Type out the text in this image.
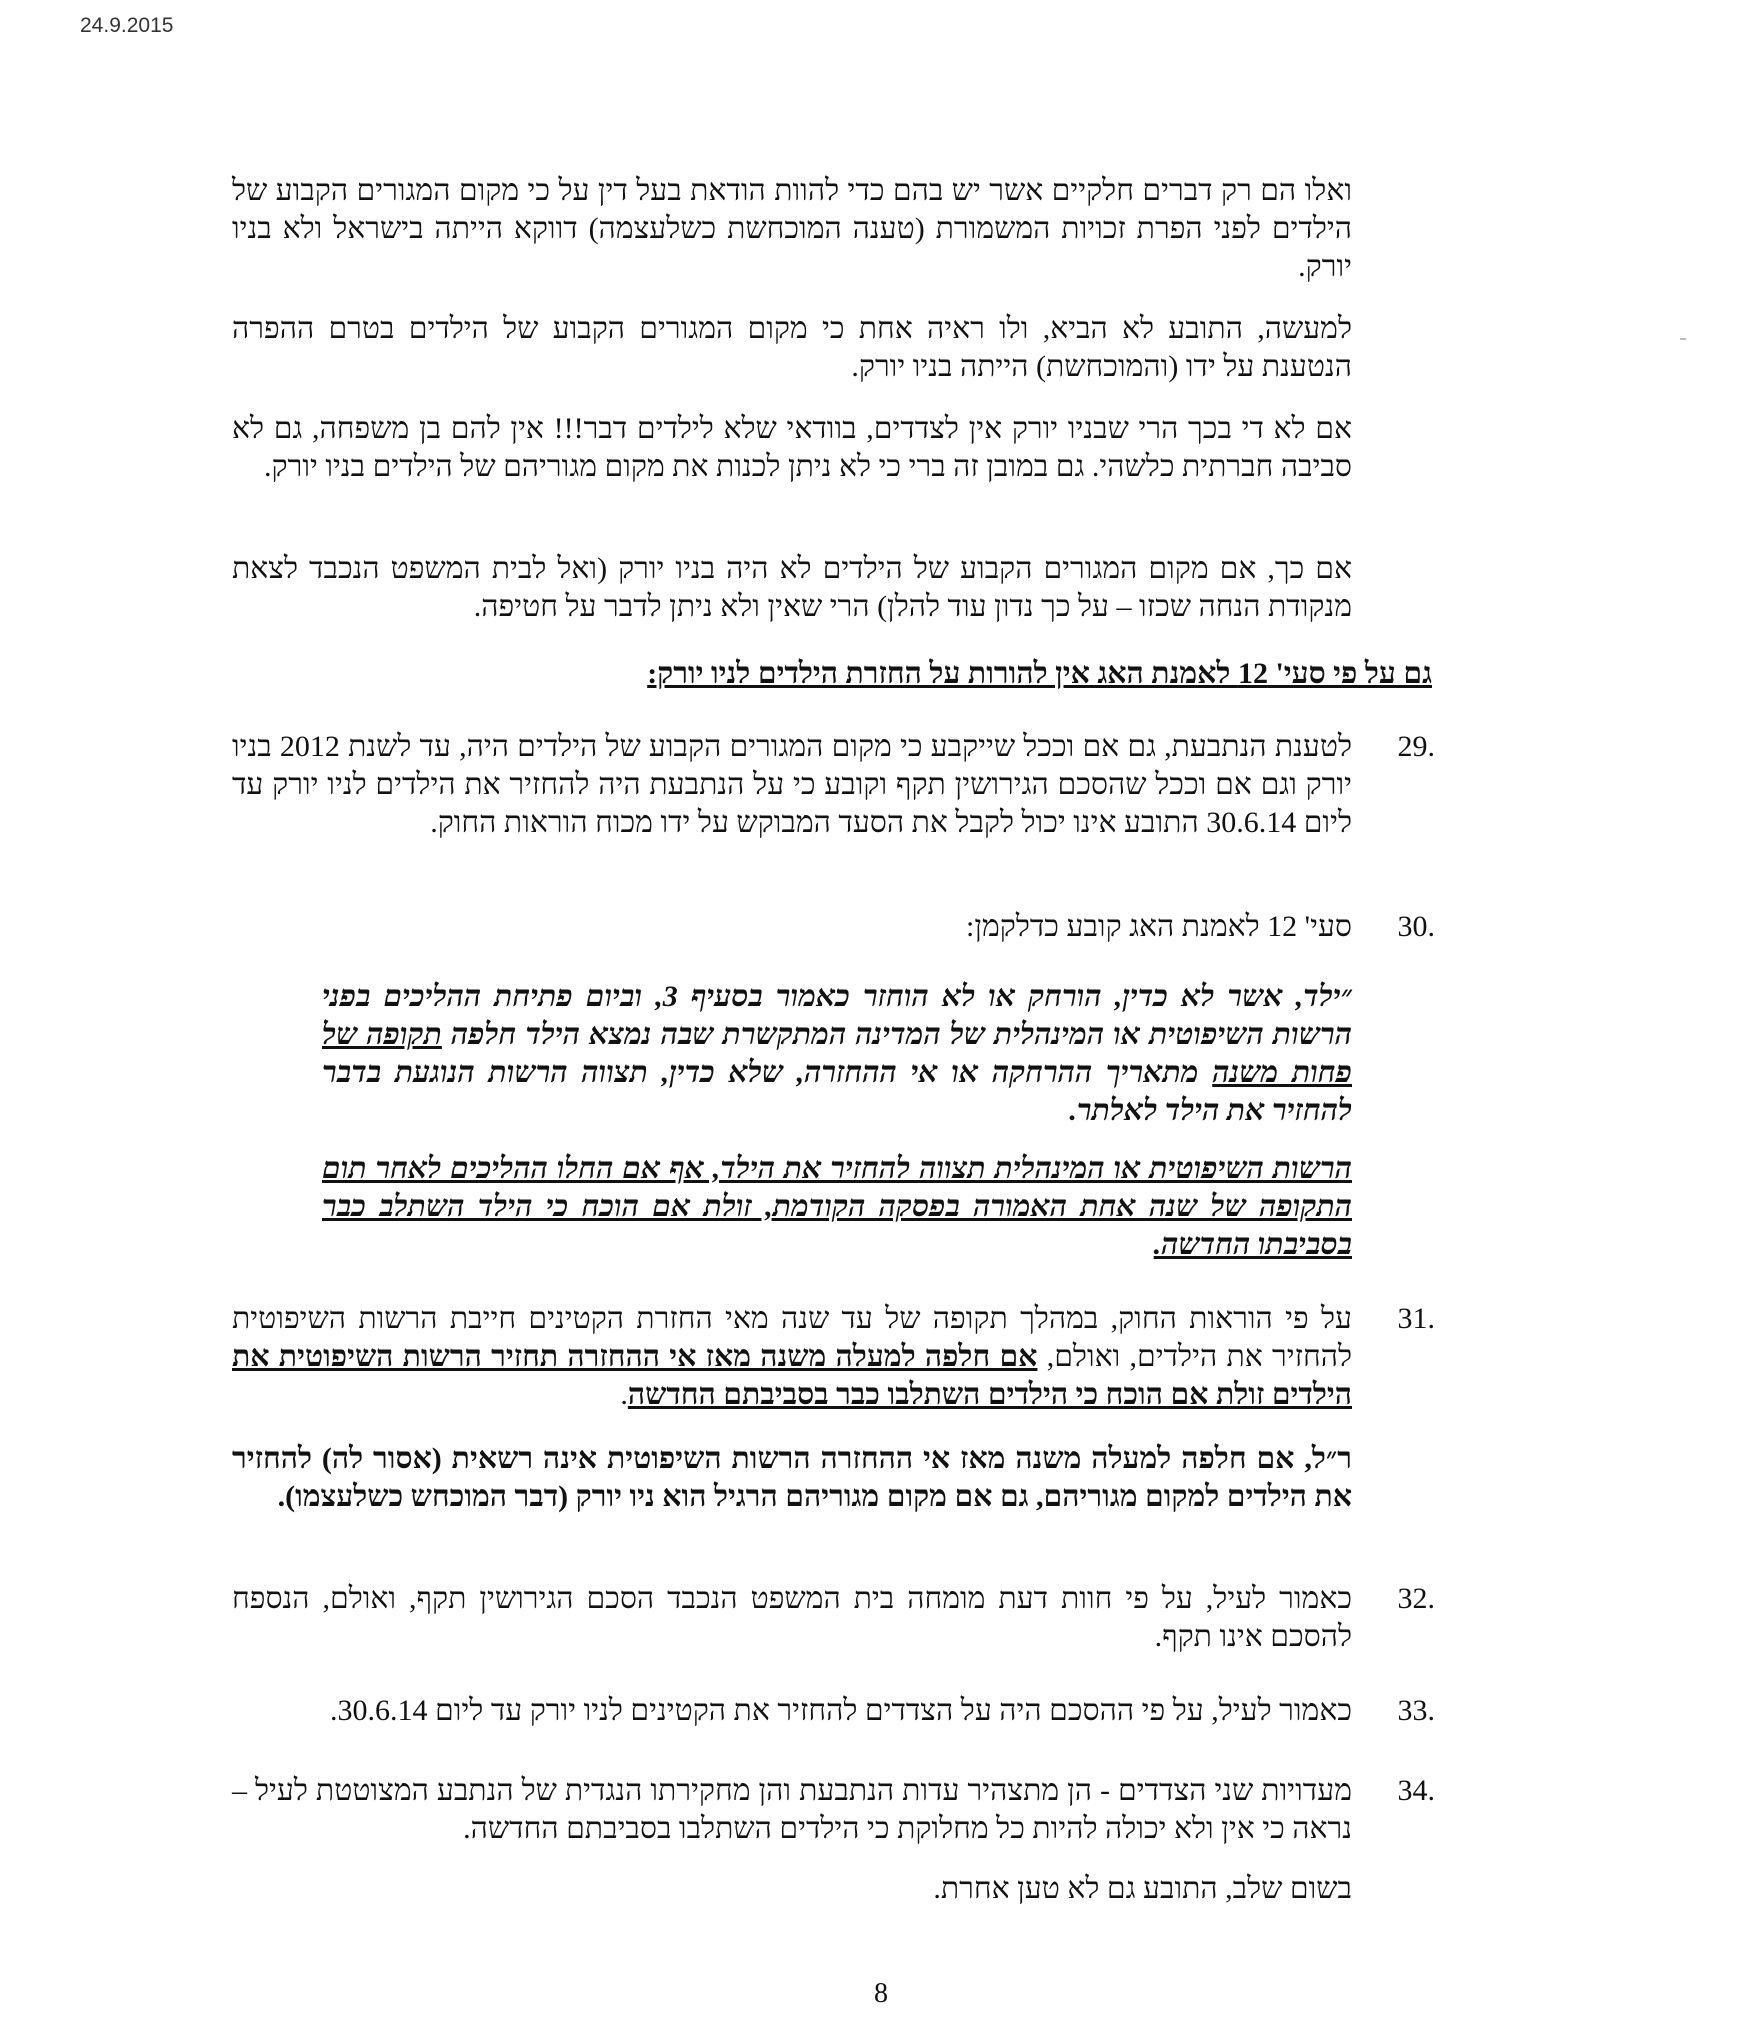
24.9.2015

ואלו הם רק דברים חלקיים אשר יש בהם כדי להוות הודאת בעל דין על כי מקום המגורים הקבוע של הילדים לפני הפרת זכויות המשמורת (טענה המוכחשת כשלעצמה) דווקא הייתה בישראל ולא בניו יורק.

למעשה, התובע לא הביא, ולו ראיה אחת כי מקום המגורים הקבוע של הילדים בטרם ההפרה הנטענת על ידו (והמוכחשת) הייתה בניו יורק.

אם לא די בכך הרי שבניו יורק אין לצדדים, בוודאי שלא לילדים דבר!!! אין להם בן משפחה, גם לא סביבה חברתית כלשהי. גם במובן זה ברי כי לא ניתן לכנות את מקום מגוריהם של הילדים בניו יורק.

אם כך, אם מקום המגורים הקבוע של הילדים לא היה בניו יורק (ואל לבית המשפט הנכבד לצאת מנקודת הנחה שכזו – על כך נדון עוד להלן) הרי שאין ולא ניתן לדבר על חטיפה.

גם על פי סעי' 12 לאמנת האג אין להורות על החזרת הילדים לניו יורק:
.29

לטענת הנתבעת, גם אם וככל שייקבע כי מקום המגורים הקבוע של הילדים היה, עד לשנת 2012 בניו יורק וגם אם וככל שהסכם הגירושין תקף וקובע כי על הנתבעת היה להחזיר את הילדים לניו יורק עד ליום 30.6.14 התובע אינו יכול לקבל את הסעד המבוקש על ידו מכוח הוראות החוק.

.30

סעי' 12 לאמנת האג קובע כדלקמן:

״ילד, אשר לא כדין, הורחק או לא הוחזר כאמור בסעיף 3, וביום פתיחת ההליכים בפני הרשות השיפוטית או המינהלית של המדינה המתקשרת שבה נמצא הילד חלפה תקופה של פחות משנה מתאריך ההרחקה או אי ההחזרה, שלא כדין, תצווה הרשות הנוגעת בדבר להחזיר את הילד לאלתר.

הרשות השיפוטית או המינהלית תצווה להחזיר את הילד, אף אם החלו ההליכים לאחר תום התקופה של שנה אחת האמורה בפסקה הקודמת, זולת אם הוכח כי הילד השתלב כבר בסביבתו החדשה.

.31

על פי הוראות החוק, במהלך תקופה של עד שנה מאי החזרת הקטינים חייבת הרשות השיפוטית להחזיר את הילדים, ואולם, אם חלפה למעלה משנה מאז אי ההחזרה תחזיר הרשות השיפוטית את הילדים זולת אם הוכח כי הילדים השתלבו כבר בסביבתם החדשה.

ר״ל, אם חלפה למעלה משנה מאז אי ההחזרה הרשות השיפוטית אינה רשאית (אסור לה) להחזיר את הילדים למקום מגוריהם, גם אם מקום מגוריהם הרגיל הוא ניו יורק (דבר המוכחש כשלעצמו).

.32

כאמור לעיל, על פי חוות דעת מומחה בית המשפט הנכבד הסכם הגירושין תקף, ואולם, הנספח להסכם אינו תקף.

.33

כאמור לעיל, על פי ההסכם היה על הצדדים להחזיר את הקטינים לניו יורק עד ליום 30.6.14.

.34

מעדויות שני הצדדים - הן מתצהיר עדות הנתבעת והן מחקירתו הנגדית של הנתבע המצוטטת לעיל – נראה כי אין ולא יכולה להיות כל מחלוקת כי הילדים השתלבו בסביבתם החדשה.

בשום שלב, התובע גם לא טען אחרת.

8
